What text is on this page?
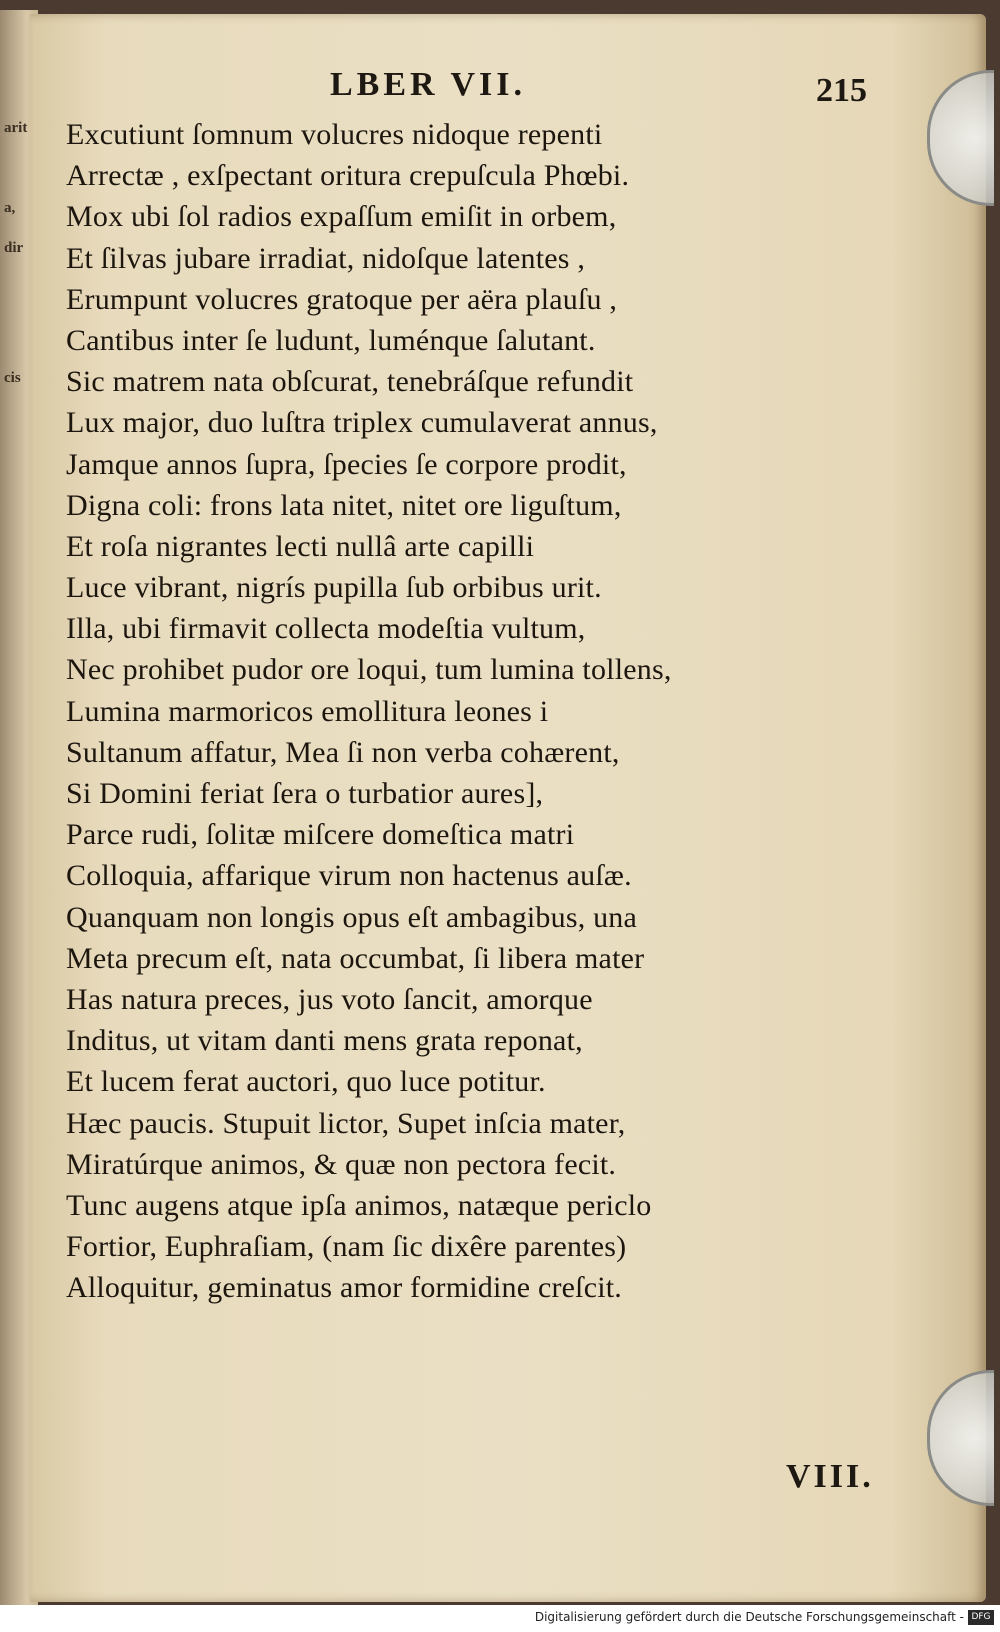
arit
a,
dir
cis
LBER VII.	215
Excutiunt ſomnum volucres nidoque repenti
Arrectæ , exſpectant oritura crepuſcula Phœbi.
Mox ubi ſol radios expaſſum emiſit in orbem,
Et ſilvas jubare irradiat, nidoſque latentes ,
Erumpunt volucres gratoque per aëra plauſu ,
Cantibus inter ſe ludunt, luménque ſalutant.
Sic matrem nata obſcurat, tenebráſque refundit
Lux major, duo luſtra triplex cumulaverat annus,
Jamque annos ſupra, ſpecies ſe corpore prodit,
Digna coli: frons lata nitet, nitet ore liguſtum,
Et roſa nigrantes lecti nullâ arte capilli
Luce vibrant, nigrís pupilla ſub orbibus urit.
Illa, ubi firmavit collecta modeſtia vultum,
Nec prohibet pudor ore loqui, tum lumina tollens,
Lumina marmoricos emollitura leones i
Sultanum affatur, Mea ſi non verba cohærent,
Si Domini feriat ſera o turbatior aures],
Parce rudi, ſolitæ miſcere domeſtica matri
Colloquia, affarique virum non hactenus auſæ.
Quanquam non longis opus eſt ambagibus, una
Meta precum eſt, nata occumbat, ſi libera mater
Has natura preces, jus voto ſancit, amorque
Inditus, ut vitam danti mens grata reponat,
Et lucem ferat auctori, quo luce potitur.
Hæc paucis. Stupuit lictor, Supet inſcia mater,
Miratúrque animos, & quæ non pectora fecit.
Tunc augens atque ipſa animos, natæque periclo
Fortior, Euphraſiam, (nam ſic dixêre parentes)
Alloquitur, geminatus amor formidine creſcit.
VIII.
Digitalisierung gefördert durch die Deutsche Forschungsgemeinschaft - DFG
